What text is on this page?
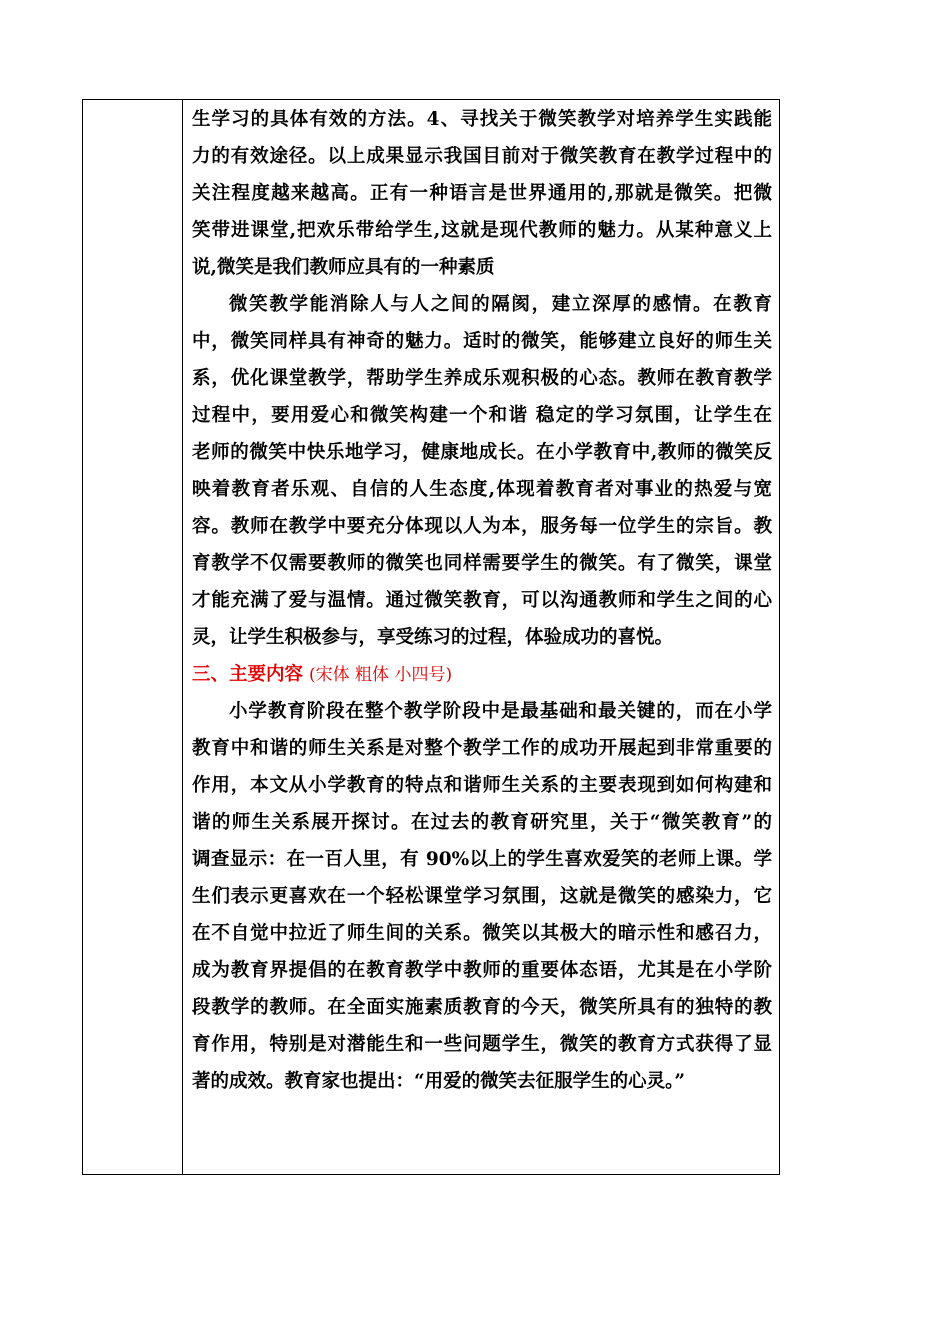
生学习的具体有效的方法。4、寻找关于微笑教学对培养学生实践能
力的有效途径。以上成果显示我国目前对于微笑教育在教学过程中的
关注程度越来越高。正有一种语言是世界通用的,那就是微笑。把微
笑带进课堂,把欢乐带给学生,这就是现代教师的魅力。从某种意义上
说,微笑是我们教师应具有的一种素质
微笑教学能消除人与人之间的隔阂，建立深厚的感情。在教育
中，微笑同样具有神奇的魅力。适时的微笑，能够建立良好的师生关
系，优化课堂教学，帮助学生养成乐观积极的心态。教师在教育教学
过程中，要用爱心和微笑构建一个和谐 稳定的学习氛围，让学生在
老师的微笑中快乐地学习，健康地成长。在小学教育中,教师的微笑反
映着教育者乐观、自信的人生态度,体现着教育者对事业的热爱与宽
容。教师在教学中要充分体现以人为本，服务每一位学生的宗旨。教
育教学不仅需要教师的微笑也同样需要学生的微笑。有了微笑，课堂
才能充满了爱与温情。通过微笑教育，可以沟通教师和学生之间的心
灵，让学生积极参与，享受练习的过程，体验成功的喜悦。
三、主要内容 (宋体 粗体 小四号)
小学教育阶段在整个教学阶段中是最基础和最关键的，而在小学
教育中和谐的师生关系是对整个教学工作的成功开展起到非常重要的
作用，本文从小学教育的特点和谐师生关系的主要表现到如何构建和
谐的师生关系展开探讨。在过去的教育研究里，关于“微笑教育”的
调查显示：在一百人里，有 90%以上的学生喜欢爱笑的老师上课。学
生们表示更喜欢在一个轻松课堂学习氛围，这就是微笑的感染力，它
在不自觉中拉近了师生间的关系。微笑以其极大的暗示性和感召力，
成为教育界提倡的在教育教学中教师的重要体态语，尤其是在小学阶
段教学的教师。在全面实施素质教育的今天，微笑所具有的独特的教
育作用，特别是对潜能生和一些问题学生，微笑的教育方式获得了显
著的成效。教育家也提出：“用爱的微笑去征服学生的心灵。”
